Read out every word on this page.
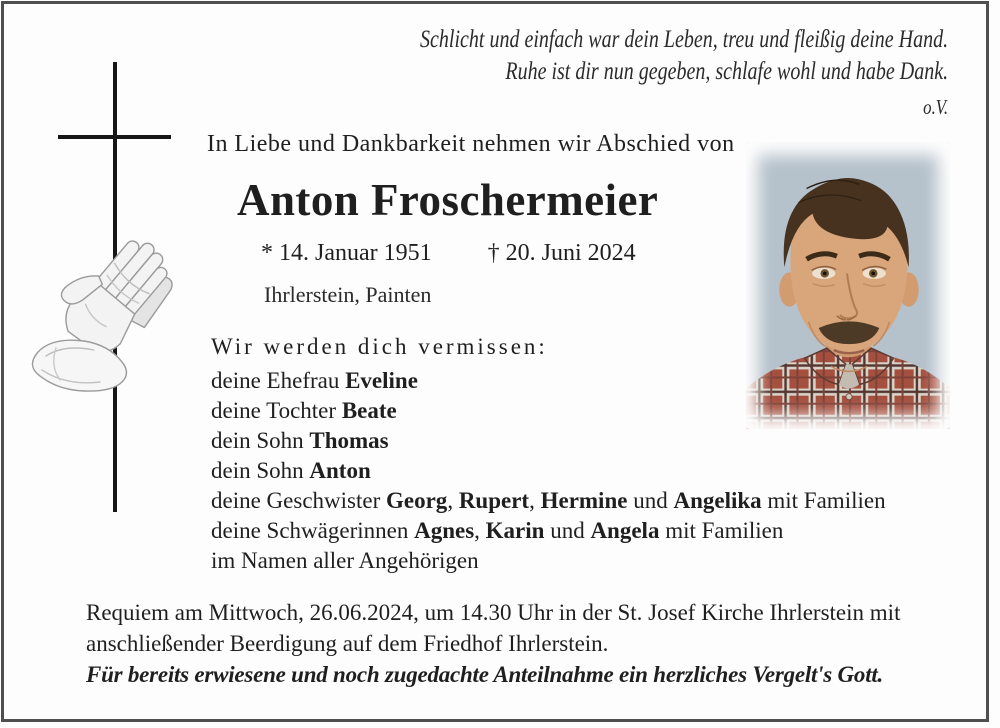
Schlicht und einfach war dein Leben, treu und fleißig deine Hand.
Ruhe ist dir nun gegeben, schlafe wohl und habe Dank.
o.V.
In Liebe und Dankbarkeit nehmen wir Abschied von
Anton Froschermeier
* 14. Januar 1951 † 20. Juni 2024
Ihrlerstein, Painten
Wir werden dich vermissen:
deine Ehefrau Eveline
deine Tochter Beate
dein Sohn Thomas
dein Sohn Anton
deine Geschwister Georg, Rupert, Hermine und Angelika mit Familien
deine Schwägerinnen Agnes, Karin und Angela mit Familien
im Namen aller Angehörigen
Requiem am Mittwoch, 26.06.2024, um 14.30 Uhr in der St. Josef Kirche Ihrlerstein mit anschließender Beerdigung auf dem Friedhof Ihrlerstein.
Für bereits erwiesene und noch zugedachte Anteilnahme ein herzliches Vergelt's Gott.
